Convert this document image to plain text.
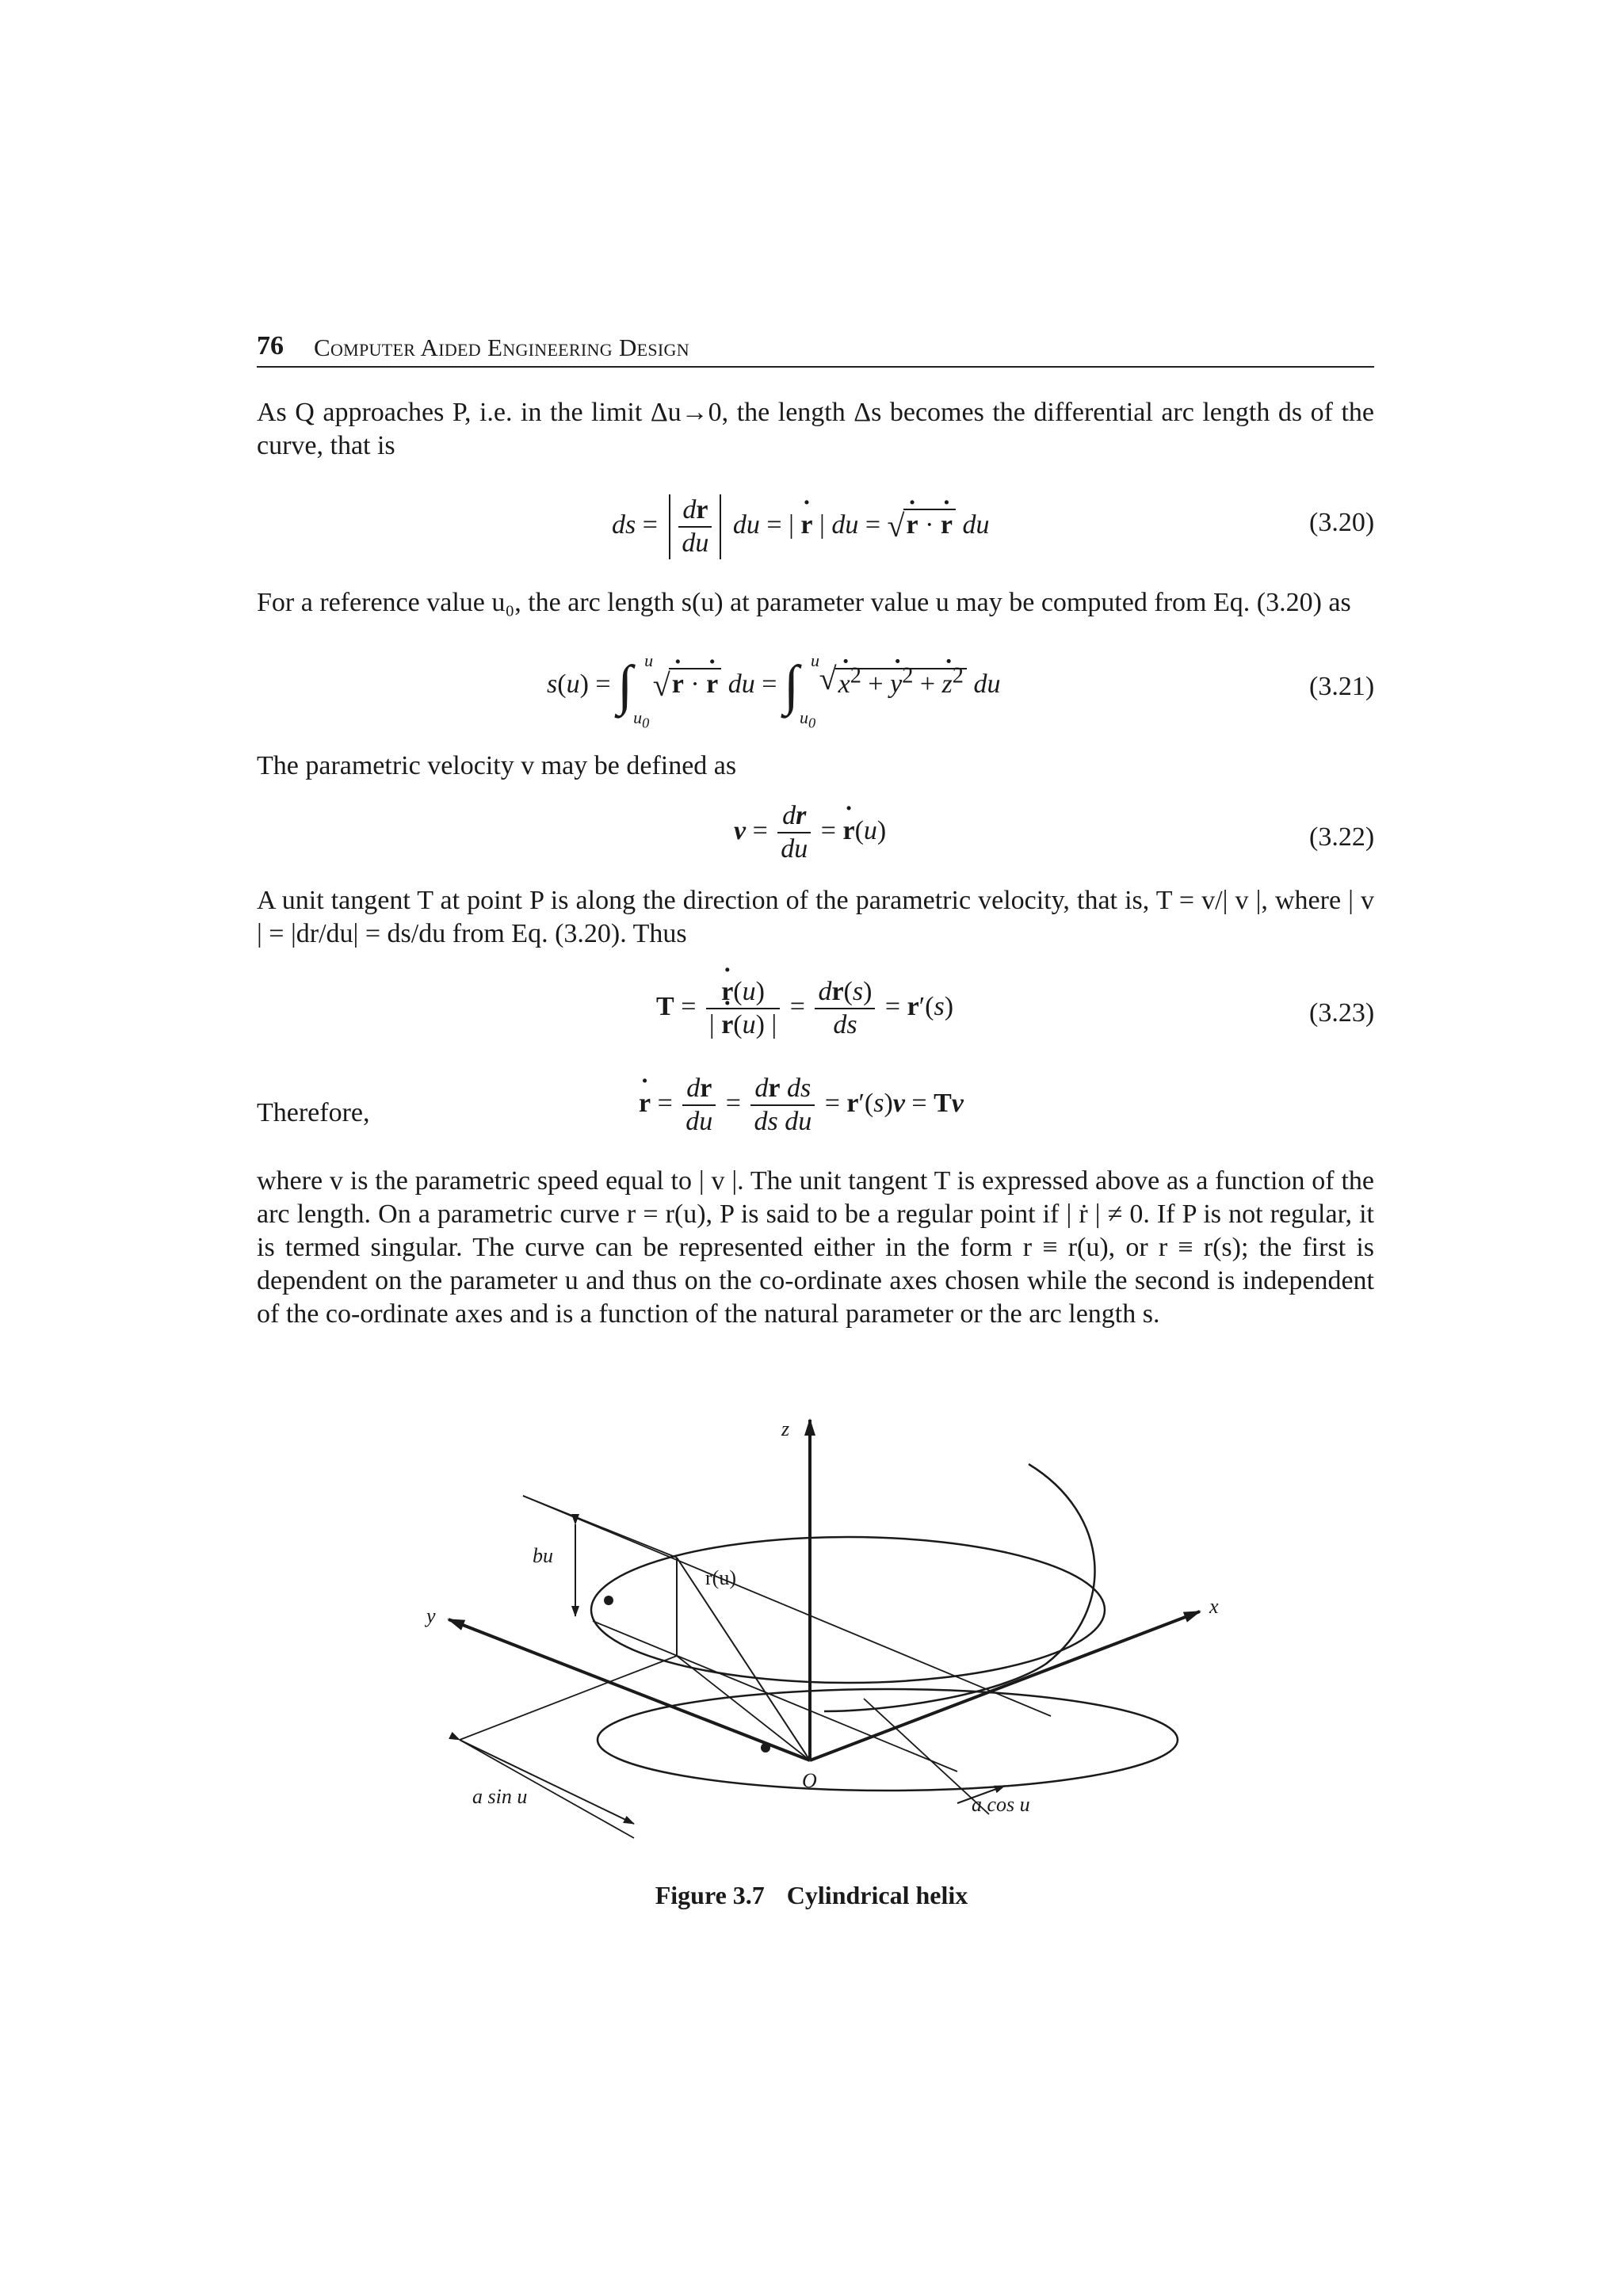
76 Computer Aided Engineering Design
As Q approaches P, i.e. in the limit Δu→0, the length Δs becomes the differential arc length ds of the curve, that is
ds = $\frac{dr}{du}$ du = | r ˙ | du = √ r ˙ · r ˙ du	(3.20)
For a reference value u₀, the arc length s(u) at parameter value u may be computed from Eq. (3.20) as
s(u) = ∫ u
$u_0$

√ r ˙ · r ˙ du = ∫ u
$u_0$

√ x ˙$^2$ + y ˙$^2$ + z ˙$^2$ du	(3.21)
The parametric velocity v may be defined as
$v = \frac{dr}{du} = r$ ˙(u)	(3.22)
A unit tangent T at point P is along the direction of the parametric velocity, that is, T = v/| v |, where | v | = |dr/du| = ds/du from Eq. (3.20). Thus
$T = \frac{r ˙(u)}{| r ˙(u) |} = \frac{dr(s)}{ds} = r'(s)$	(3.23)
Therefore,	r ˙ = $\frac{dr}{du} = \frac{\text{dr ds}}{\text{ds du}} = r'(s)v = Tv$
where v is the parametric speed equal to | v |. The unit tangent T is expressed above as a function of the arc length. On a parametric curve r = r(u), P is said to be a regular point if | ṙ | ≠ 0. If P is not regular, it is termed singular. The curve can be represented either in the form r ≡ r(u), or r ≡ r(s); the first is dependent on the parameter u and thus on the co-ordinate axes chosen while the second is independent of the co-ordinate axes and is a function of the natural parameter or the arc length s.
z
x
y
O
bu
r(u)
a sin u	a cos u
Figure 3.7 Cylindrical helix
